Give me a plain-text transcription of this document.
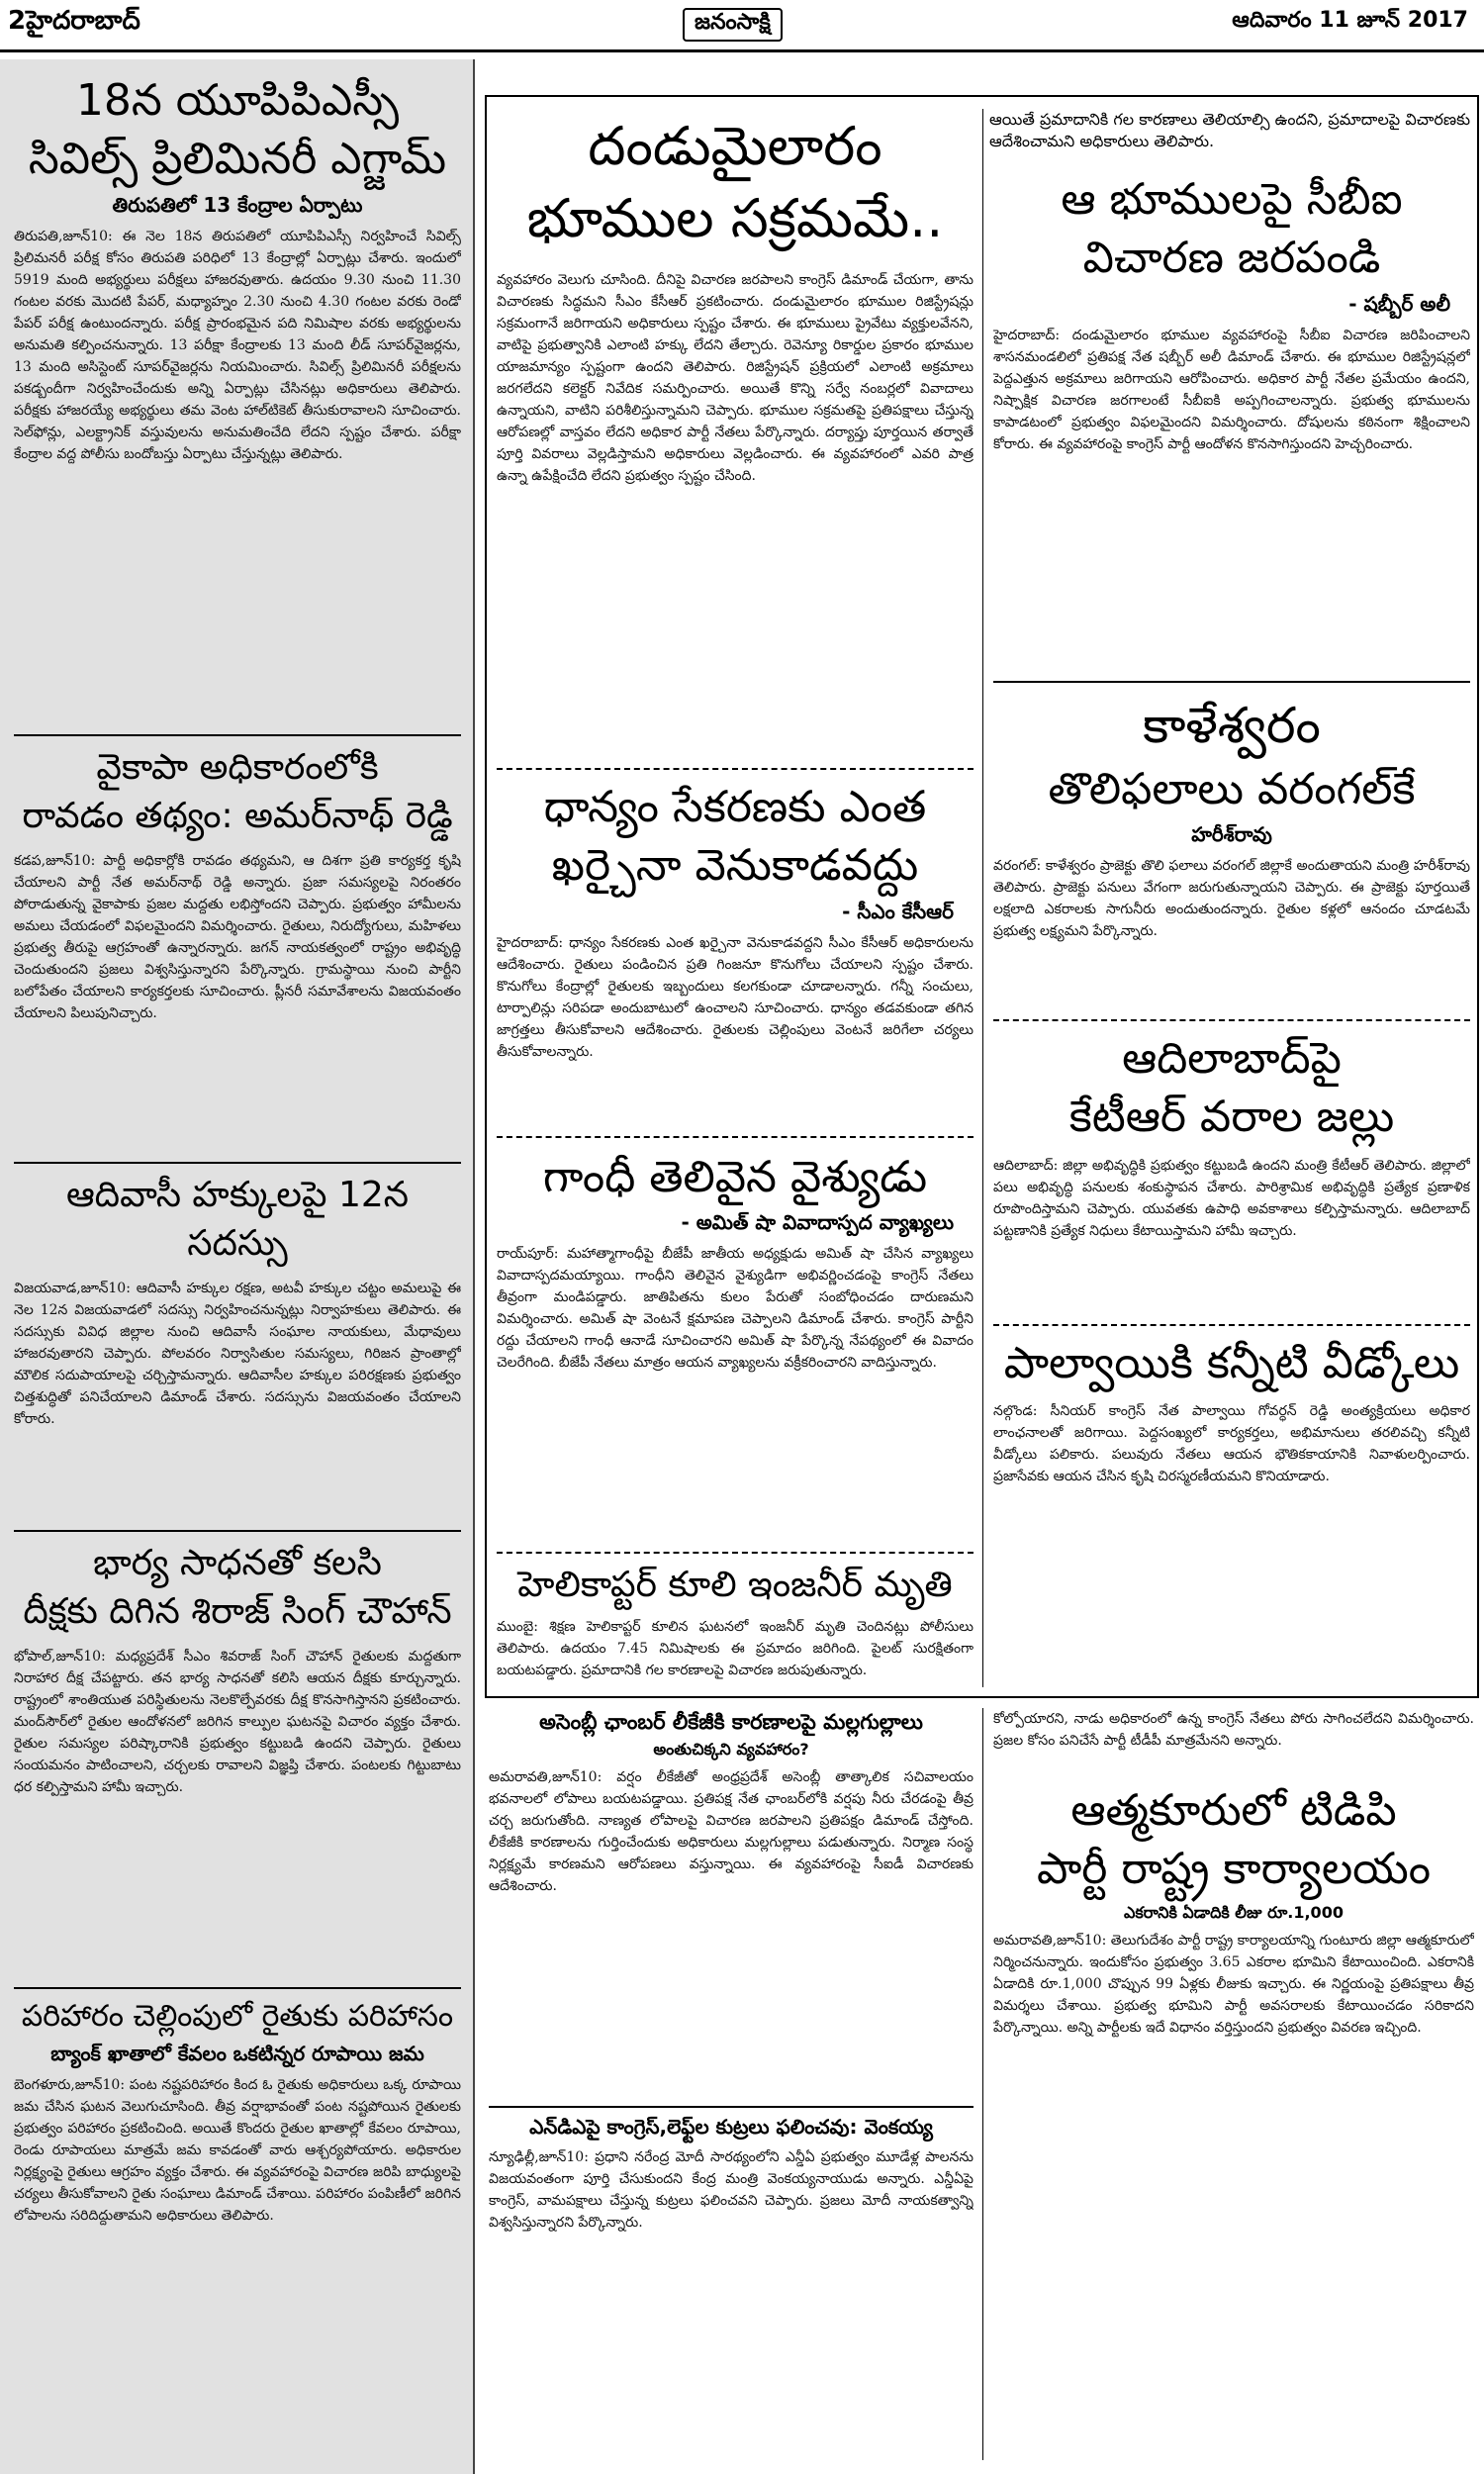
2హైదరాబాద్	జనంసాక్షి	ఆదివారం 11 జూన్ 2017

18న యూపిపిఎస్సీ

సివిల్స్ ప్రిలిమినరీ ఎగ్జామ్

తిరుపతిలో 13 కేంద్రాల ఏర్పాటు

తిరుపతి,జూన్‌10: ఈ నెల 18న తిరుపతిలో యూపిపిఎస్సీ నిర్వహించే సివిల్స్‌ ప్రిలిమనరీ పరీక్ష కోసం తిరుపతి పరిధిలో 13 కేంద్రాల్లో ఏర్పాట్లు చేశారు. ఇందులో 5919 మంది అభ్యర్థులు పరీక్షలు హాజరవుతారు. ఉదయం 9.30 నుంచి 11.30 గంటల వరకు మొదటి పేపర్‌, మధ్యాహ్నం 2.30 నుంచి 4.30 గంటల వరకు రెండో పేపర్‌ పరీక్ష ఉంటుందన్నారు. పరీక్ష ప్రారంభమైన పది నిమిషాల వరకు అభ్యర్థులను అనుమతి కల్పించనున్నారు. 13 పరీక్షా కేంద్రాలకు 13 మంది లీడ్‌ సూపర్‌వైజర్లను, 13 మంది అసిస్టెంట్‌ సూపర్‌వైజర్లను నియమించారు. సివిల్స్‌ ప్రిలిమినరీ పరీక్షలను పకడ్బందీగా నిర్వహించేందుకు అన్ని ఏర్పాట్లు చేసినట్లు అధికారులు తెలిపారు. పరీక్షకు హాజరయ్యే అభ్యర్థులు తమ వెంట హాల్‌టికెట్‌ తీసుకురావాలని సూచించారు. సెల్‌ఫోన్లు, ఎలక్ట్రానిక్‌ వస్తువులను అనుమతించేది లేదని స్పష్టం చేశారు. పరీక్షా కేంద్రాల వద్ద పోలీసు బందోబస్తు ఏర్పాటు చేస్తున్నట్లు తెలిపారు.

వైకాపా అధికారంలోకి

రావడం తథ్యం: అమర్‌నాథ్ రెడ్డి

కడప,జూన్‌10: పార్టీ అధికార్లోకి రావడం తథ్యమని, ఆ దిశగా ప్రతి కార్యకర్త కృషి చేయాలని పార్టీ నేత అమర్‌నాథ్‌ రెడ్డి అన్నారు. ప్రజా సమస్యలపై నిరంతరం పోరాడుతున్న వైకాపాకు ప్రజల మద్దతు లభిస్తోందని చెప్పారు. ప్రభుత్వం హామీలను అమలు చేయడంలో విఫలమైందని విమర్శించారు. రైతులు, నిరుద్యోగులు, మహిళలు ప్రభుత్వ తీరుపై ఆగ్రహంతో ఉన్నారన్నారు. జగన్‌ నాయకత్వంలో రాష్ట్రం అభివృద్ధి చెందుతుందని ప్రజలు విశ్వసిస్తున్నారని పేర్కొన్నారు. గ్రామస్థాయి నుంచి పార్టీని బలోపేతం చేయాలని కార్యకర్తలకు సూచించారు. ప్లీనరీ సమావేశాలను విజయవంతం చేయాలని పిలుపునిచ్చారు.

ఆదివాసీ హక్కులపై 12న సదస్సు

విజయవాడ,జూన్‌10: ఆదివాసీ హక్కుల రక్షణ, అటవీ హక్కుల చట్టం అమలుపై ఈ నెల 12న విజయవాడలో సదస్సు నిర్వహించనున్నట్లు నిర్వాహకులు తెలిపారు. ఈ సదస్సుకు వివిధ జిల్లాల నుంచి ఆదివాసీ సంఘాల నాయకులు, మేధావులు హాజరవుతారని చెప్పారు. పోలవరం నిర్వాసితుల సమస్యలు, గిరిజన ప్రాంతాల్లో మౌలిక సదుపాయాలపై చర్చిస్తామన్నారు. ఆదివాసీల హక్కుల పరిరక్షణకు ప్రభుత్వం చిత్తశుద్ధితో పనిచేయాలని డిమాండ్‌ చేశారు. సదస్సును విజయవంతం చేయాలని కోరారు.

భార్య సాధనతో కలసి

దీక్షకు దిగిన శిరాజ్ సింగ్ చౌహాన్

భోపాల్‌,జూన్‌10: మధ్యప్రదేశ్‌ సీఎం శివరాజ్‌ సింగ్‌ చౌహాన్‌ రైతులకు మద్దతుగా నిరాహార దీక్ష చేపట్టారు. తన భార్య సాధనతో కలిసి ఆయన దీక్షకు కూర్చున్నారు. రాష్ట్రంలో శాంతియుత పరిస్థితులను నెలకొల్పేవరకు దీక్ష కొనసాగిస్తానని ప్రకటించారు. మంద్‌సౌర్‌లో రైతుల ఆందోళనలో జరిగిన కాల్పుల ఘటనపై విచారం వ్యక్తం చేశారు. రైతుల సమస్యల పరిష్కారానికి ప్రభుత్వం కట్టుబడి ఉందని చెప్పారు. రైతులు సంయమనం పాటించాలని, చర్చలకు రావాలని విజ్ఞప్తి చేశారు. పంటలకు గిట్టుబాటు ధర కల్పిస్తామని హామీ ఇచ్చారు.

పరిహారం చెల్లింపులో రైతుకు పరిహాసం

బ్యాంక్ ఖాతాలో కేవలం ఒకటిన్నర రూపాయి జమ

బెంగళూరు,జూన్‌10: పంట నష్టపరిహారం కింద ఓ రైతుకు అధికారులు ఒక్క రూపాయి జమ చేసిన ఘటన వెలుగుచూసింది. తీవ్ర వర్షాభావంతో పంట నష్టపోయిన రైతులకు ప్రభుత్వం పరిహారం ప్రకటించింది. అయితే కొందరు రైతుల ఖాతాల్లో కేవలం రూపాయి, రెండు రూపాయలు మాత్రమే జమ కావడంతో వారు ఆశ్చర్యపోయారు. అధికారుల నిర్లక్ష్యంపై రైతులు ఆగ్రహం వ్యక్తం చేశారు. ఈ వ్యవహారంపై విచారణ జరిపి బాధ్యులపై చర్యలు తీసుకోవాలని రైతు సంఘాలు డిమాండ్‌ చేశాయి. పరిహారం పంపిణీలో జరిగిన లోపాలను సరిదిద్దుతామని అధికారులు తెలిపారు.

ఆయితే ప్రమాదానికి గల కారణాలు తెలియాల్సి ఉందని, ప్రమాదాలపై విచారణకు ఆదేశించామని అధికారులు తెలిపారు.

దండుమైలారం

భూముల సక్రమమే..

వ్యవహారం వెలుగు చూసింది. దీనిపై విచారణ జరపాలని కాంగ్రెస్‌ డిమాండ్‌ చేయగా, తాను విచారణకు సిద్ధమని సీఎం కేసీఆర్‌ ప్రకటించారు. దండుమైలారం భూముల రిజిస్ట్రేషన్లు సక్రమంగానే జరిగాయని అధికారులు స్పష్టం చేశారు. ఈ భూములు ప్రైవేటు వ్యక్తులవేనని, వాటిపై ప్రభుత్వానికి ఎలాంటి హక్కు లేదని తేల్చారు. రెవెన్యూ రికార్డుల ప్రకారం భూముల యాజమాన్యం స్పష్టంగా ఉందని తెలిపారు. రిజిస్ట్రేషన్‌ ప్రక్రియలో ఎలాంటి అక్రమాలు జరగలేదని కలెక్టర్‌ నివేదిక సమర్పించారు. అయితే కొన్ని సర్వే నంబర్లలో వివాదాలు ఉన్నాయని, వాటిని పరిశీలిస్తున్నామని చెప్పారు. భూముల సక్రమతపై ప్రతిపక్షాలు చేస్తున్న ఆరోపణల్లో వాస్తవం లేదని అధికార పార్టీ నేతలు పేర్కొన్నారు. దర్యాప్తు పూర్తయిన తర్వాతే పూర్తి వివరాలు వెల్లడిస్తామని అధికారులు వెల్లడించారు. ఈ వ్యవహారంలో ఎవరి పాత్ర ఉన్నా ఉపేక్షించేది లేదని ప్రభుత్వం స్పష్టం చేసింది.

ధాన్యం సేకరణకు ఎంత

ఖర్చైనా వెనుకాడవద్దు

- సీఎం కేసీఆర్

హైదరాబాద్‌: ధాన్యం సేకరణకు ఎంత ఖర్చైనా వెనుకాడవద్దని సీఎం కేసీఆర్‌ అధికారులను ఆదేశించారు. రైతులు పండించిన ప్రతి గింజనూ కొనుగోలు చేయాలని స్పష్టం చేశారు. కొనుగోలు కేంద్రాల్లో రైతులకు ఇబ్బందులు కలగకుండా చూడాలన్నారు. గన్నీ సంచులు, టార్పాలిన్లు సరిపడా అందుబాటులో ఉంచాలని సూచించారు. ధాన్యం తడవకుండా తగిన జాగ్రత్తలు తీసుకోవాలని ఆదేశించారు. రైతులకు చెల్లింపులు వెంటనే జరిగేలా చర్యలు తీసుకోవాలన్నారు.

గాంధీ తెలివైన వైశ్యుడు

- అమిత్ షా వివాదాస్పద వ్యాఖ్యలు

రాయ్‌పూర్‌: మహాత్మాగాంధీపై బీజేపీ జాతీయ అధ్యక్షుడు అమిత్‌ షా చేసిన వ్యాఖ్యలు వివాదాస్పదమయ్యాయి. గాంధీని తెలివైన వైశ్యుడిగా అభివర్ణించడంపై కాంగ్రెస్‌ నేతలు తీవ్రంగా మండిపడ్డారు. జాతిపితను కులం పేరుతో సంబోధించడం దారుణమని విమర్శించారు. అమిత్‌ షా వెంటనే క్షమాపణ చెప్పాలని డిమాండ్‌ చేశారు. కాంగ్రెస్‌ పార్టీని రద్దు చేయాలని గాంధీ ఆనాడే సూచించారని అమిత్‌ షా పేర్కొన్న నేపథ్యంలో ఈ వివాదం చెలరేగింది. బీజేపీ నేతలు మాత్రం ఆయన వ్యాఖ్యలను వక్రీకరించారని వాదిస్తున్నారు.

హెలికాప్టర్ కూలి ఇంజనీర్ మృతి

ముంబై: శిక్షణ హెలికాప్టర్‌ కూలిన ఘటనలో ఇంజనీర్‌ మృతి చెందినట్లు పోలీసులు తెలిపారు. ఉదయం 7.45 నిమిషాలకు ఈ ప్రమాదం జరిగింది. పైలట్‌ సురక్షితంగా బయటపడ్డారు. ప్రమాదానికి గల కారణాలపై విచారణ జరుపుతున్నారు.

ఆ భూములపై సీబీఐ

విచారణ జరపండి

- షబ్బీర్ అలీ

హైదరాబాద్‌: దండుమైలారం భూముల వ్యవహారంపై సీబీఐ విచారణ జరిపించాలని శాసనమండలిలో ప్రతిపక్ష నేత షబ్బీర్‌ అలీ డిమాండ్‌ చేశారు. ఈ భూముల రిజిస్ట్రేషన్లలో పెద్దఎత్తున అక్రమాలు జరిగాయని ఆరోపించారు. అధికార పార్టీ నేతల ప్రమేయం ఉందని, నిష్పాక్షిక విచారణ జరగాలంటే సీబీఐకి అప్పగించాలన్నారు. ప్రభుత్వ భూములను కాపాడటంలో ప్రభుత్వం విఫలమైందని విమర్శించారు. దోషులను కఠినంగా శిక్షించాలని కోరారు. ఈ వ్యవహారంపై కాంగ్రెస్‌ పార్టీ ఆందోళన కొనసాగిస్తుందని హెచ్చరించారు.

కాళేశ్వరం

తొలిఫలాలు వరంగల్‌కే

హరీశ్‌రావు

వరంగల్‌: కాళేశ్వరం ప్రాజెక్టు తొలి ఫలాలు వరంగల్‌ జిల్లాకే అందుతాయని మంత్రి హరీశ్‌రావు తెలిపారు. ప్రాజెక్టు పనులు వేగంగా జరుగుతున్నాయని చెప్పారు. ఈ ప్రాజెక్టు పూర్తయితే లక్షలాది ఎకరాలకు సాగునీరు అందుతుందన్నారు. రైతుల కళ్లలో ఆనందం చూడటమే ప్రభుత్వ లక్ష్యమని పేర్కొన్నారు.

ఆదిలాబాద్‌పై

కేటీఆర్ వరాల జల్లు

ఆదిలాబాద్‌: జిల్లా అభివృద్ధికి ప్రభుత్వం కట్టుబడి ఉందని మంత్రి కేటీఆర్‌ తెలిపారు. జిల్లాలో పలు అభివృద్ధి పనులకు శంకుస్థాపన చేశారు. పారిశ్రామిక అభివృద్ధికి ప్రత్యేక ప్రణాళిక రూపొందిస్తామని చెప్పారు. యువతకు ఉపాధి అవకాశాలు కల్పిస్తామన్నారు. ఆదిలాబాద్‌ పట్టణానికి ప్రత్యేక నిధులు కేటాయిస్తామని హామీ ఇచ్చారు.

పాల్వాయికి కన్నీటి వీడ్కోలు

నల్గొండ: సీనియర్‌ కాంగ్రెస్‌ నేత పాల్వాయి గోవర్ధన్‌ రెడ్డి అంత్యక్రియలు అధికార లాంఛనాలతో జరిగాయి. పెద్దసంఖ్యలో కార్యకర్తలు, అభిమానులు తరలివచ్చి కన్నీటి వీడ్కోలు పలికారు. పలువురు నేతలు ఆయన భౌతికకాయానికి నివాళులర్పించారు. ప్రజాసేవకు ఆయన చేసిన కృషి చిరస్మరణీయమని కొనియాడారు.

అసెంబ్లీ ఛాంబర్ లీకేజీకి కారణాలపై మల్లగుల్లాలు

అంతుచిక్కని వ్యవహారం?

అమరావతి,జూన్‌10: వర్షం లీకేజీతో అంధ్రప్రదేశ్‌ అసెంబ్లీ తాత్కాలిక సచివాలయం భవనాలలో లోపాలు బయటపడ్డాయి. ప్రతిపక్ష నేత ఛాంబర్‌లోకి వర్షపు నీరు చేరడంపై తీవ్ర చర్చ జరుగుతోంది. నాణ్యత లోపాలపై విచారణ జరపాలని ప్రతిపక్షం డిమాండ్‌ చేస్తోంది. లీకేజీకి కారణాలను గుర్తించేందుకు అధికారులు మల్లగుల్లాలు పడుతున్నారు. నిర్మాణ సంస్థ నిర్లక్ష్యమే కారణమని ఆరోపణలు వస్తున్నాయి. ఈ వ్యవహారంపై సీఐడీ విచారణకు ఆదేశించారు.

ఎన్‌డిఎపై కాంగ్రెస్,లెఫ్ట్‌ల కుట్రలు ఫలించవు: వెంకయ్య

న్యూఢిల్లీ,జూన్‌10: ప్రధాని నరేంద్ర మోదీ సారథ్యంలోని ఎన్డీఏ ప్రభుత్వం మూడేళ్ల పాలనను విజయవంతంగా పూర్తి చేసుకుందని కేంద్ర మంత్రి వెంకయ్యనాయుడు అన్నారు. ఎన్డీఏపై కాంగ్రెస్‌, వామపక్షాలు చేస్తున్న కుట్రలు ఫలించవని చెప్పారు. ప్రజలు మోదీ నాయకత్వాన్ని విశ్వసిస్తున్నారని పేర్కొన్నారు.

కోల్పోయారని, నాడు అధికారంలో ఉన్న కాంగ్రెస్‌ నేతలు పోరు సాగించలేదని విమర్శించారు. ప్రజల కోసం పనిచేసే పార్టీ టీడీపీ మాత్రమేనని అన్నారు.

ఆత్మకూరులో టిడిపి

పార్టీ రాష్ట్ర కార్యాలయం

ఎకరానికి ఏడాదికి లీజు రూ.1,000

అమరావతి,జూన్‌10: తెలుగుదేశం పార్టీ రాష్ట్ర కార్యాలయాన్ని గుంటూరు జిల్లా ఆత్మకూరులో నిర్మించనున్నారు. ఇందుకోసం ప్రభుత్వం 3.65 ఎకరాల భూమిని కేటాయించింది. ఎకరానికి ఏడాదికి రూ.1,000 చొప్పున 99 ఏళ్లకు లీజుకు ఇచ్చారు. ఈ నిర్ణయంపై ప్రతిపక్షాలు తీవ్ర విమర్శలు చేశాయి. ప్రభుత్వ భూమిని పార్టీ అవసరాలకు కేటాయించడం సరికాదని పేర్కొన్నాయి. అన్ని పార్టీలకు ఇదే విధానం వర్తిస్తుందని ప్రభుత్వం వివరణ ఇచ్చింది.
